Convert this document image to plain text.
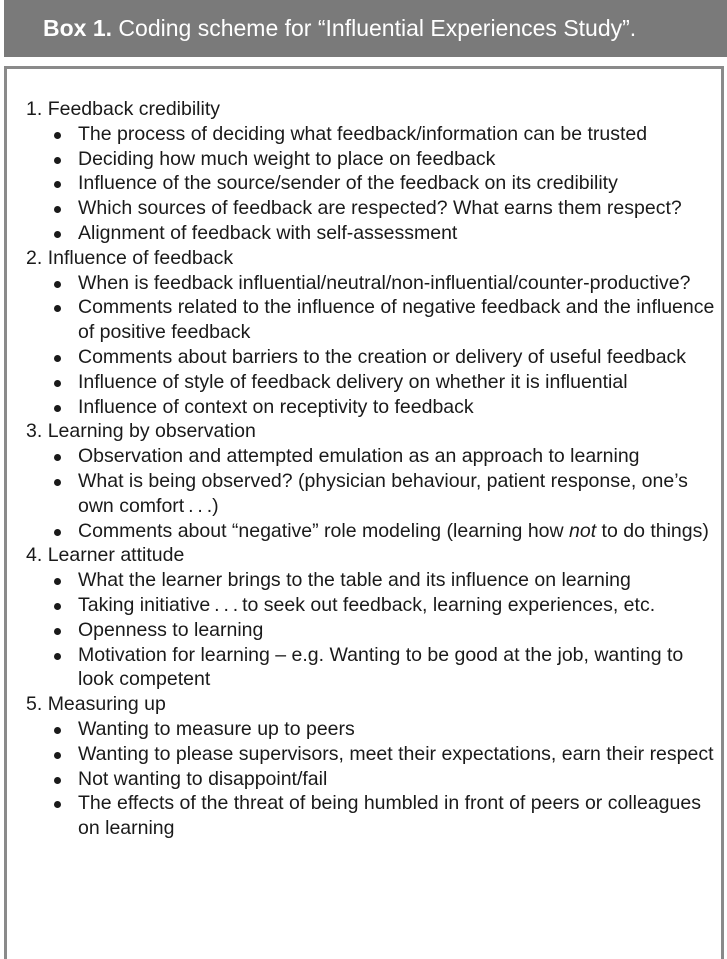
Box 1. Coding scheme for “Influential Experiences Study”.
1. Feedback credibility
The process of deciding what feedback/information can be trusted
Deciding how much weight to place on feedback
Influence of the source/sender of the feedback on its credibility
Which sources of feedback are respected? What earns them respect?
Alignment of feedback with self-assessment
2. Influence of feedback
When is feedback influential/neutral/non-influential/counter-productive?
Comments related to the influence of negative feedback and the influence of positive feedback
Comments about barriers to the creation or delivery of useful feedback
Influence of style of feedback delivery on whether it is influential
Influence of context on receptivity to feedback
3. Learning by observation
Observation and attempted emulation as an approach to learning
What is being observed? (physician behaviour, patient response, one’s own comfort . . .)
Comments about “negative” role modeling (learning how not to do things)
4. Learner attitude
What the learner brings to the table and its influence on learning
Taking initiative . . . to seek out feedback, learning experiences, etc.
Openness to learning
Motivation for learning – e.g. Wanting to be good at the job, wanting to look competent
5. Measuring up
Wanting to measure up to peers
Wanting to please supervisors, meet their expectations, earn their respect
Not wanting to disappoint/fail
The effects of the threat of being humbled in front of peers or colleagues on learning
